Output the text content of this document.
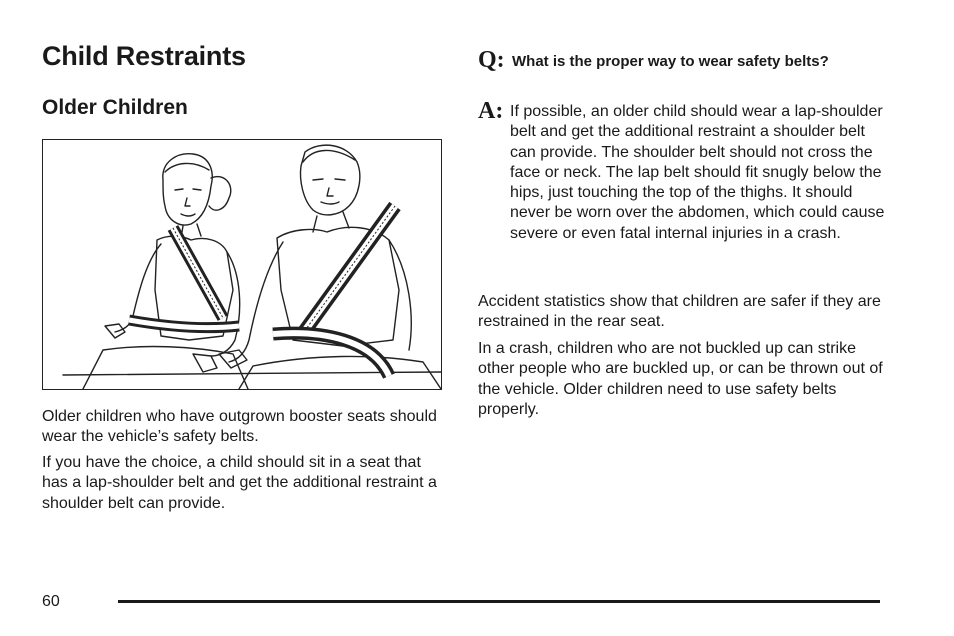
Child Restraints
Older Children
Older children who have outgrown booster seats should wear the vehicle’s safety belts.
If you have the choice, a child should sit in a seat that has a lap-shoulder belt and get the additional restraint a shoulder belt can provide.
Q: What is the proper way to wear safety belts?
A: If possible, an older child should wear a lap-shoulder belt and get the additional restraint a shoulder belt can provide. The shoulder belt should not cross the face or neck. The lap belt should fit snugly below the hips, just touching the top of the thighs. It should never be worn over the abdomen, which could cause severe or even fatal internal injuries in a crash.
Accident statistics show that children are safer if they are restrained in the rear seat.
In a crash, children who are not buckled up can strike other people who are buckled up, or can be thrown out of the vehicle. Older children need to use safety belts properly.
60
